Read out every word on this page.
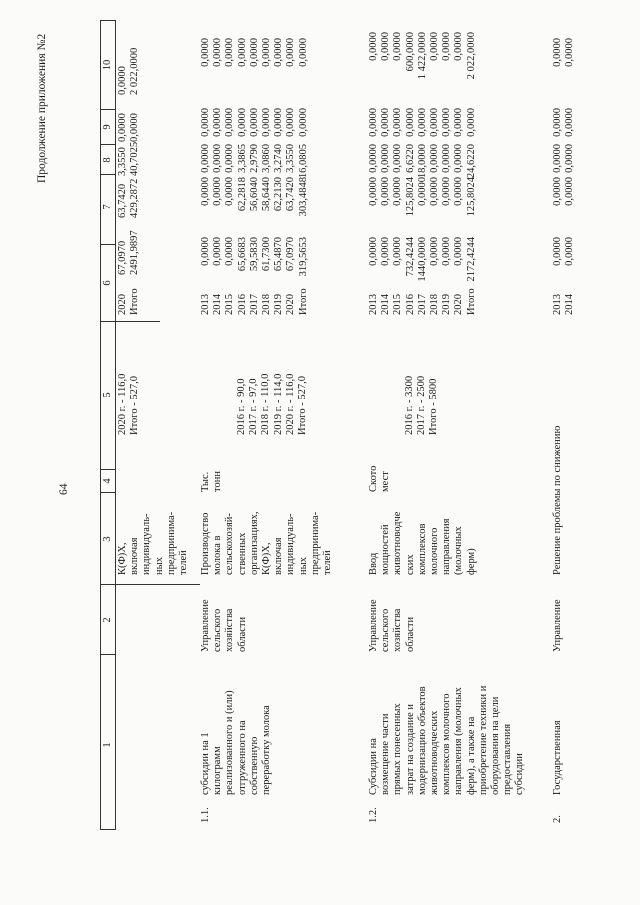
64
Продолжение приложения №2
1
2
3
4
5
6
7
8
9
10
К(Ф)Х, включая индивидуаль- ных предпринима- телей
2020 г. - 116,0 Итого - 527,0
2020 Итого
67,0970 2491,9897
63,7420 429,2872
3,3550 40,7025
0,0000 0,0000
0,0000 2 022,0000
1.1.
субсидии на 1 килограмм реализованного и (или) отгруженного на собственную переработку молока
Управление сельского хозяйства области
Производство молока в сельскохозяй- ственных организациях, К(Ф)Х, включая индивидуаль- ных предпринима- телей
Тыс. тонн
2016 г. - 90,0 2017 г. - 97,0 2018 г. - 110,0 2019 г. - 114,0 2020 г. - 116,0 Итого - 527,0
2013 2014 2015 2016 2017 2018 2019 2020 Итого
0,0000 0,0000 0,0000 65,6683 59,5830 61,7300 65,4870 67,0970 319,5653
0,0000 0,0000 0,0000 62,2818 56,6040 58,6440 62,2130 63,7420 303,4848
0,0000 0,0000 0,0000 3,3865 2,9790 3,0860 3,2740 3,3550 16,0805
0,0000 0,0000 0,0000 0,0000 0,0000 0,0000 0,0000 0,0000 0,0000
0,0000 0,0000 0,0000 0,0000 0,0000 0,0000 0,0000 0,0000 0,0000
1.2.
Субсидии на возмещение части прямых понесенных затрат на создание и модернизацию объектов животноводческих комплексов молочного направления (молочных ферм), а также на приобретение техники и оборудования на цели предоставления субсидии
Управление сельского хозяйства области
Ввод мощностей животноводче ских комплексов молочного направления (молочных ферм)
Ското мест
2016 г. - 3300 2017 г. - 2500 Итого - 5800
2013 2014 2015 2016 2017 2018 2019 2020 Итого
0,0000 0,0000 0,0000 732,4244 1440,0000 0,0000 0,0000 0,0000 2172,4244
0,0000 0,0000 0,0000 125,8024 0,0000 0,0000 0,0000 0,0000 125,8024
0,0000 0,0000 0,0000 6,6220 18,0000 0,0000 0,0000 0,0000 24,6220
0,0000 0,0000 0,0000 0,0000 0,0000 0,0000 0,0000 0,0000 0,0000
0,0000 0,0000 0,0000 600,0000 1 422,0000 0,0000 0,0000 0,0000 2 022,0000
2.
Государственная
Управление
Решение проблемы по снижению
2013 2014
0,0000 0,0000
0,0000 0,0000
0,0000 0,0000
0,0000 0,0000
0,0000 0,0000
